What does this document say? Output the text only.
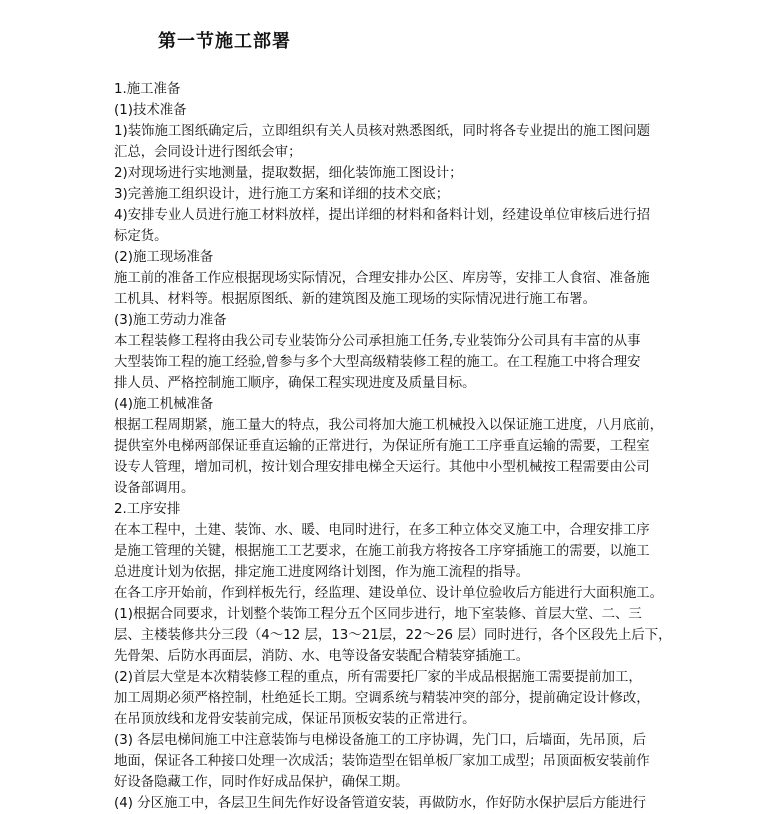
第一节施工部署
1.施工准备
(1)技术准备
1)装饰施工图纸确定后，立即组织有关人员核对熟悉图纸，同时将各专业提出的施工图问题
汇总，会同设计进行图纸会审；
2)对现场进行实地测量，提取数据，细化装饰施工图设计；
3)完善施工组织设计，进行施工方案和详细的技术交底；
4)安排专业人员进行施工材料放样，提出详细的材料和备料计划，经建设单位审核后进行招
标定货。
(2)施工现场准备
施工前的准备工作应根据现场实际情况，合理安排办公区、库房等，安排工人食宿、准备施
工机具、材料等。根据原图纸、新的建筑图及施工现场的实际情况进行施工布署。
(3)施工劳动力准备
本工程装修工程将由我公司专业装饰分公司承担施工任务,专业装饰分公司具有丰富的从事
大型装饰工程的施工经验,曾参与多个大型高级精装修工程的施工。在工程施工中将合理安
排人员、严格控制施工顺序，确保工程实现进度及质量目标。
(4)施工机械准备
根据工程周期紧，施工量大的特点，我公司将加大施工机械投入以保证施工进度，八月底前，
提供室外电梯两部保证垂直运输的正常进行，为保证所有施工工序垂直运输的需要，工程室
设专人管理，增加司机，按计划合理安排电梯全天运行。其他中小型机械按工程需要由公司
设备部调用。
2.工序安排
在本工程中，土建、装饰、水、暖、电同时进行，在多工种立体交叉施工中，合理安排工序
是施工管理的关键，根据施工工艺要求，在施工前我方将按各工序穿插施工的需要，以施工
总进度计划为依据，排定施工进度网络计划图，作为施工流程的指导。
在各工序开始前，作到样板先行，经监理、建设单位、设计单位验收后方能进行大面积施工。
(1)根据合同要求，计划整个装饰工程分五个区同步进行，地下室装修、首层大堂、二、三
层、主楼装修共分三段（4～12 层，13～21层，22～26 层）同时进行，各个区段先上后下，
先骨架、后防水再面层，消防、水、电等设备安装配合精装穿插施工。
(2)首层大堂是本次精装修工程的重点，所有需要托厂家的半成品根据施工需要提前加工，
加工周期必须严格控制，杜绝延长工期。空调系统与精装冲突的部分，提前确定设计修改，
在吊顶放线和龙骨安装前完成，保证吊顶板安装的正常进行。
(3) 各层电梯间施工中注意装饰与电梯设备施工的工序协调，先门口，后墙面，先吊顶，后
地面，保证各工种接口处理一次成活；装饰造型在铝单板厂家加工成型；吊顶面板安装前作
好设备隐藏工作，同时作好成品保护，确保工期。
(4) 分区施工中，各层卫生间先作好设备管道安装，再做防水，作好防水保护层后方能进行
